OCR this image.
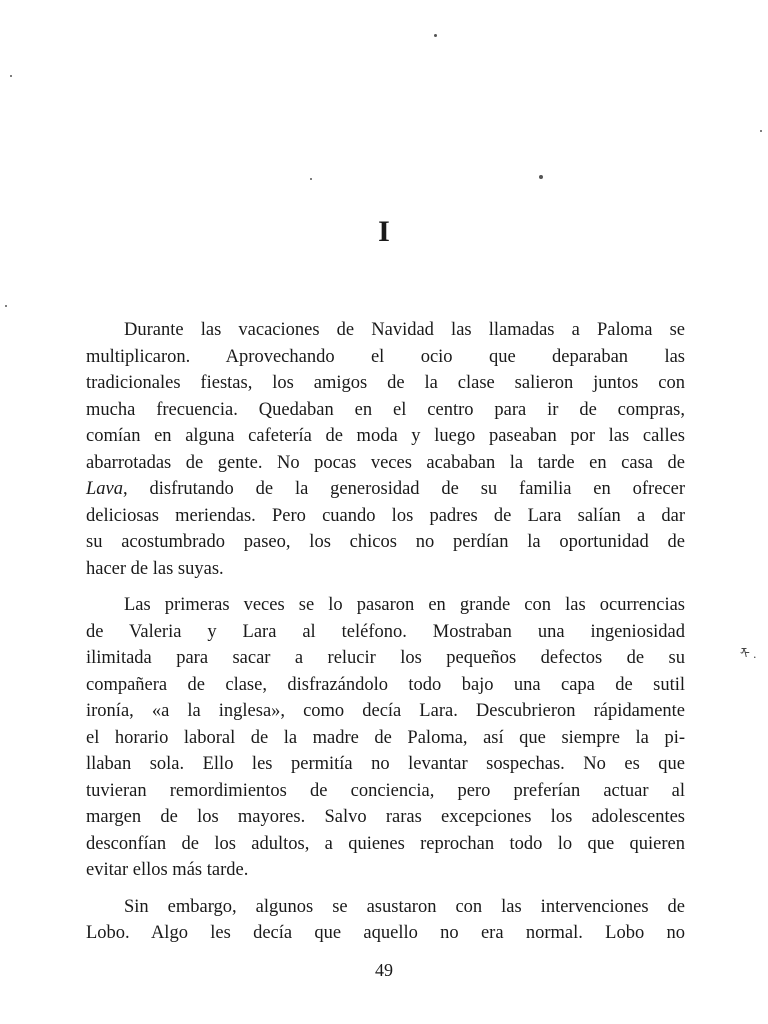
I

Durante las vacaciones de Navidad las llamadas a Paloma se
multiplicaron. Aprovechando el ocio que deparaban las
tradicionales fiestas, los amigos de la clase salieron juntos con
mucha frecuencia. Quedaban en el centro para ir de compras,
comían en alguna cafetería de moda y luego paseaban por las calles
abarrotadas de gente. No pocas veces acababan la tarde en casa de
Lava, disfrutando de la generosidad de su familia en ofrecer
deliciosas meriendas. Pero cuando los padres de Lara salían a dar
su acostumbrado paseo, los chicos no perdían la oportunidad de
hacer de las suyas.

Las primeras veces se lo pasaron en grande con las ocurrencias
de Valeria y Lara al teléfono. Mostraban una ingeniosidad
ilimitada para sacar a relucir los pequeños defectos de su
compañera de clase, disfrazándolo todo bajo una capa de sutil
ironía, «a la inglesa», como decía Lara. Descubrieron rápidamente
el horario laboral de la madre de Paloma, así que siempre la pi-
llaban sola. Ello les permitía no levantar sospechas. No es que
tuvieran remordimientos de conciencia, pero preferían actuar al
margen de los mayores. Salvo raras excepciones los adolescentes
desconfían de los adultos, a quienes reprochan todo lo que quieren
evitar ellos más tarde.

Sin embargo, algunos se asustaron con las intervenciones de
Lobo. Algo les decía que aquello no era normal. Lobo no

ᡯ .
49
